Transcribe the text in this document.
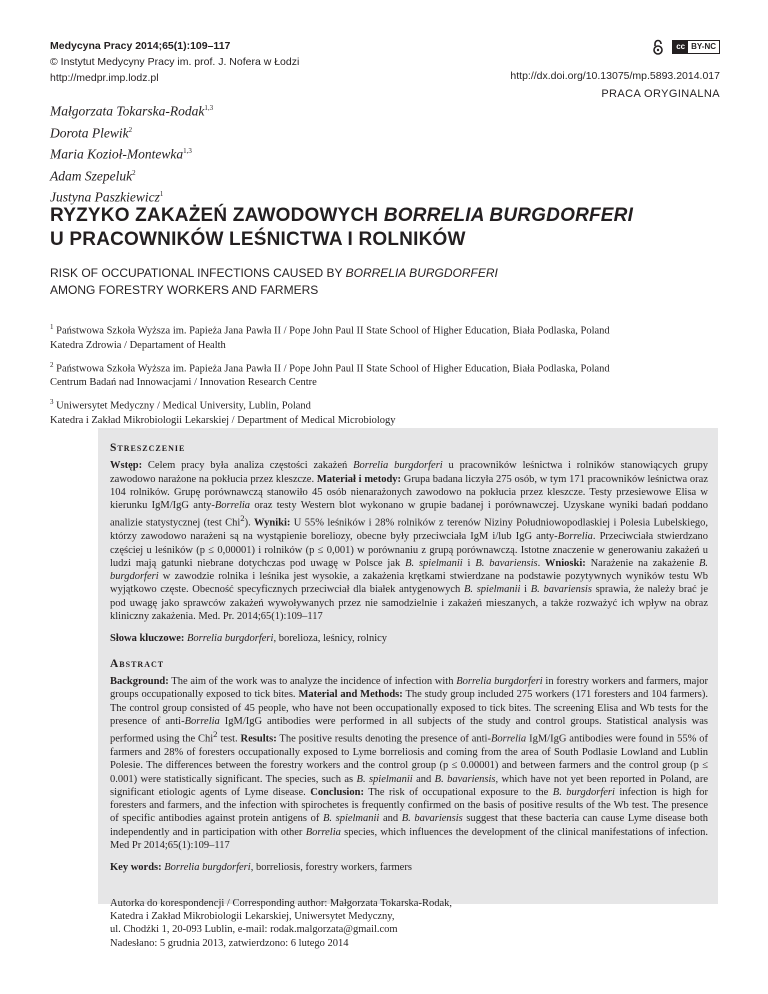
Medycyna Pracy 2014;65(1):109–117
© Instytut Medycyny Pracy im. prof. J. Nofera w Łodzi
http://medpr.imp.lodz.pl
cc BY-NC
http://dx.doi.org/10.13075/mp.5893.2014.017
PRACA ORYGINALNA
Małgorzata Tokarska-Rodak$^{1,3}$
Dorota Plewik$^2$
Maria Kozioł-Montewka$^{1,3}$
Adam Szepeluk$^2$
Justyna Paszkiewicz$^1$
RYZYKO ZAKAŻEŃ ZAWODOWYCH BORRELIA BURGDORFERI
U PRACOWNIKÓW LEŚNICTWA I ROLNIKÓW
RISK OF OCCUPATIONAL INFECTIONS CAUSED BY BORRELIA BURGDORFERI
AMONG FORESTRY WORKERS AND FARMERS
$^1$ Państwowa Szkoła Wyższa im. Papieża Jana Pawła II / Pope John Paul II State School of Higher Education, Biała Podlaska, Poland
Katedra Zdrowia / Departament of Health
$^2$ Państwowa Szkoła Wyższa im. Papieża Jana Pawła II / Pope John Paul II State School of Higher Education, Biała Podlaska, Poland
Centrum Badań nad Innowacjami / Innovation Research Centre
$^3$ Uniwersytet Medyczny / Medical University, Lublin, Poland
Katedra i Zakład Mikrobiologii Lekarskiej / Department of Medical Microbiology
Streszczenie

Wstęp: Celem pracy była analiza częstości zakażeń Borrelia burgdorferi u pracowników leśnictwa i rolników stanowiących grupy zawodowo narażone na pokłucia przez kleszcze. Materiał i metody: Grupa badana liczyła 275 osób, w tym 171 pracowników leśnictwa oraz 104 rolników. Grupę porównawczą stanowiło 45 osób nienarażonych zawodowo na pokłucia przez kleszcze. Testy przesiewowe Elisa w kierunku IgM/IgG anty-Borrelia oraz testy Western blot wykonano w grupie badanej i porównawczej. Uzyskane wyniki badań poddano analizie statystycznej (test Chi$^2$). Wyniki: U 55% leśników i 28% rolników z terenów Niziny Południowopodlaskiej i Polesia Lubelskiego, którzy zawodowo narażeni są na wystąpienie boreliozy, obecne były przeciwciała IgM i/lub IgG anty-Borrelia. Przeciwciała stwierdzano częściej u leśników (p ≤ 0,00001) i rolników (p ≤ 0,001) w porównaniu z grupą porównawczą. Istotne znaczenie w generowaniu zakażeń u ludzi mają gatunki niebrane dotychczas pod uwagę w Polsce jak B. spielmanii i B. bavariensis. Wnioski: Narażenie na zakażenie B. burgdorferi w zawodzie rolnika i leśnika jest wysokie, a zakażenia krętkami stwierdzane na podstawie pozytywnych wyników testu Wb wyjątkowo częste. Obecność specyficznych przeciwciał dla białek antygenowych B. spielmanii i B. bavariensis sprawia, że należy brać je pod uwagę jako sprawców zakażeń wywoływanych przez nie samodzielnie i zakażeń mieszanych, a także rozważyć ich wpływ na obraz kliniczny zakażenia. Med. Pr. 2014;65(1):109–117

Słowa kluczowe: Borrelia burgdorferi, borelioza, leśnicy, rolnicy

Abstract

Background: The aim of the work was to analyze the incidence of infection with Borrelia burgdorferi in forestry workers and farmers, major groups occupationally exposed to tick bites. Material and Methods: The study group included 275 workers (171 foresters and 104 farmers). The control group consisted of 45 people, who have not been occupationally exposed to tick bites. The screening Elisa and Wb tests for the presence of anti-Borrelia IgM/IgG antibodies were performed in all subjects of the study and control groups. Statistical analysis was performed using the Chi$^2$ test. Results: The positive results denoting the presence of anti-Borrelia IgM/IgG antibodies were found in 55% of farmers and 28% of foresters occupationally exposed to Lyme borreliosis and coming from the area of South Podlasie Lowland and Lublin Polesie. The differences between the forestry workers and the control group (p ≤ 0.00001) and between farmers and the control group (p ≤ 0.001) were statistically significant. The species, such as B. spielmanii and B. bavariensis, which have not yet been reported in Poland, are significant etiologic agents of Lyme disease. Conclusion: The risk of occupational exposure to the B. burgdorferi infection is high for foresters and farmers, and the infection with spirochetes is frequently confirmed on the basis of positive results of the Wb test. The presence of specific antibodies against protein antigens of B. spielmanii and B. bavariensis suggest that these bacteria can cause Lyme disease both independently and in participation with other Borrelia species, which influences the development of the clinical manifestations of infection. Med Pr 2014;65(1):109–117

Key words: Borrelia burgdorferi, borreliosis, forestry workers, farmers

Autorka do korespondencji / Corresponding author: Małgorzata Tokarska-Rodak,
Katedra i Zakład Mikrobiologii Lekarskiej, Uniwersytet Medyczny,
ul. Chodźki 1, 20-093 Lublin, e-mail: rodak.malgorzata@gmail.com
Nadesłano: 5 grudnia 2013, zatwierdzono: 6 lutego 2014
